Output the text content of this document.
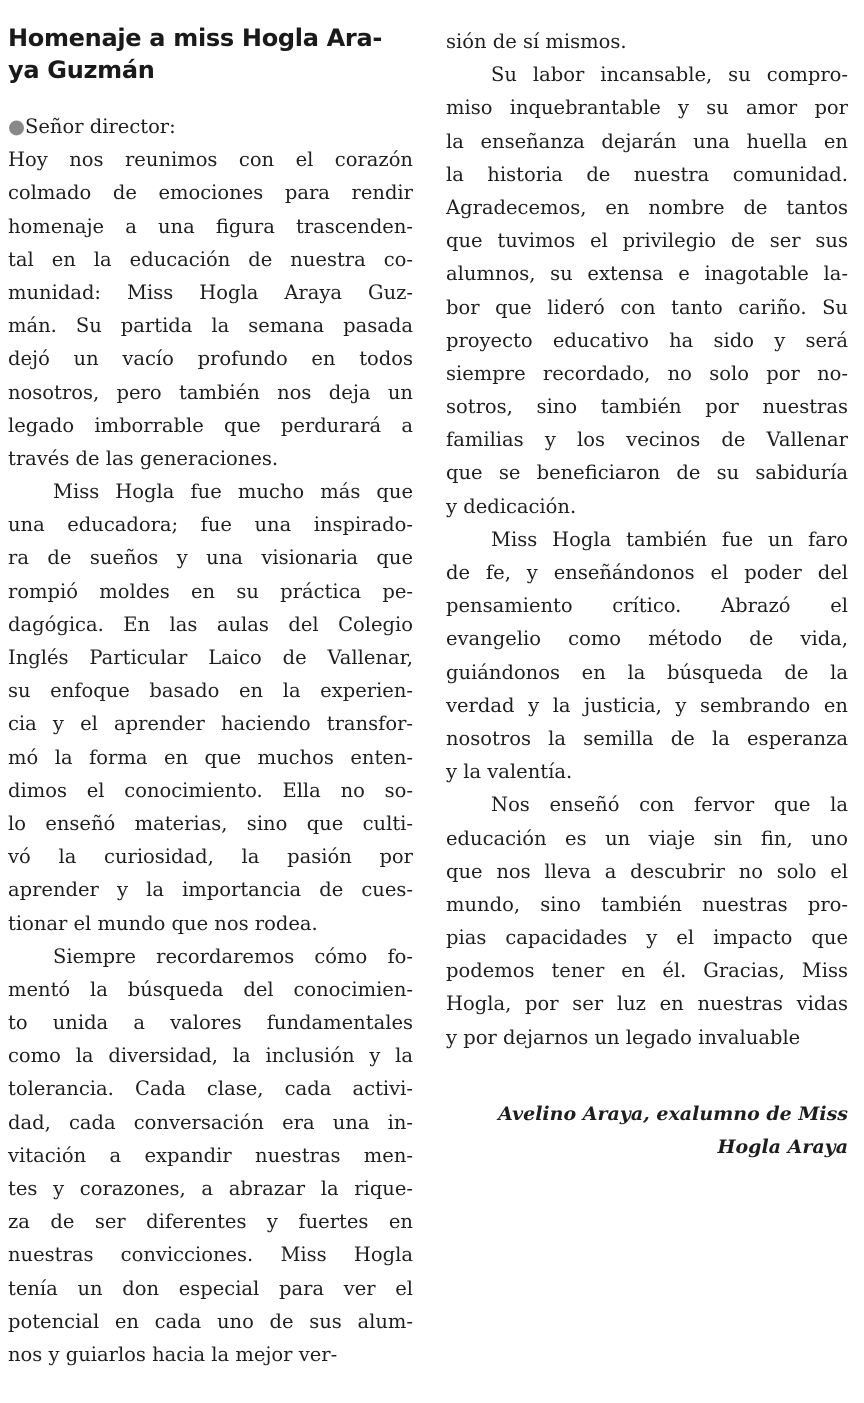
Homenaje a miss Hogla Ara-
ya Guzmán
●Señor director:
Hoy nos reunimos con el corazón
colmado de emociones para rendir
homenaje a una figura trascenden-
tal en la educación de nuestra co-
munidad: Miss Hogla Araya Guz-
mán. Su partida la semana pasada
dejó un vacío profundo en todos
nosotros, pero también nos deja un
legado imborrable que perdurará a
través de las generaciones.
Miss Hogla fue mucho más que
una educadora; fue una inspirado-
ra de sueños y una visionaria que
rompió moldes en su práctica pe-
dagógica. En las aulas del Colegio
Inglés Particular Laico de Vallenar,
su enfoque basado en la experien-
cia y el aprender haciendo transfor-
mó la forma en que muchos enten-
dimos el conocimiento. Ella no so-
lo enseñó materias, sino que culti-
vó la curiosidad, la pasión por
aprender y la importancia de cues-
tionar el mundo que nos rodea.
Siempre recordaremos cómo fo-
mentó la búsqueda del conocimien-
to unida a valores fundamentales
como la diversidad, la inclusión y la
tolerancia. Cada clase, cada activi-
dad, cada conversación era una in-
vitación a expandir nuestras men-
tes y corazones, a abrazar la rique-
za de ser diferentes y fuertes en
nuestras convicciones. Miss Hogla
tenía un don especial para ver el
potencial en cada uno de sus alum-
nos y guiarlos hacia la mejor ver-
sión de sí mismos.
Su labor incansable, su compro-
miso inquebrantable y su amor por
la enseñanza dejarán una huella en
la historia de nuestra comunidad.
Agradecemos, en nombre de tantos
que tuvimos el privilegio de ser sus
alumnos, su extensa e inagotable la-
bor que lideró con tanto cariño. Su
proyecto educativo ha sido y será
siempre recordado, no solo por no-
sotros, sino también por nuestras
familias y los vecinos de Vallenar
que se beneficiaron de su sabiduría
y dedicación.
Miss Hogla también fue un faro
de fe, y enseñándonos el poder del
pensamiento crítico. Abrazó el
evangelio como método de vida,
guiándonos en la búsqueda de la
verdad y la justicia, y sembrando en
nosotros la semilla de la esperanza
y la valentía.
Nos enseñó con fervor que la
educación es un viaje sin fin, uno
que nos lleva a descubrir no solo el
mundo, sino también nuestras pro-
pias capacidades y el impacto que
podemos tener en él. Gracias, Miss
Hogla, por ser luz en nuestras vidas
y por dejarnos un legado invaluable
Avelino Araya, exalumno de Miss
Hogla Araya
